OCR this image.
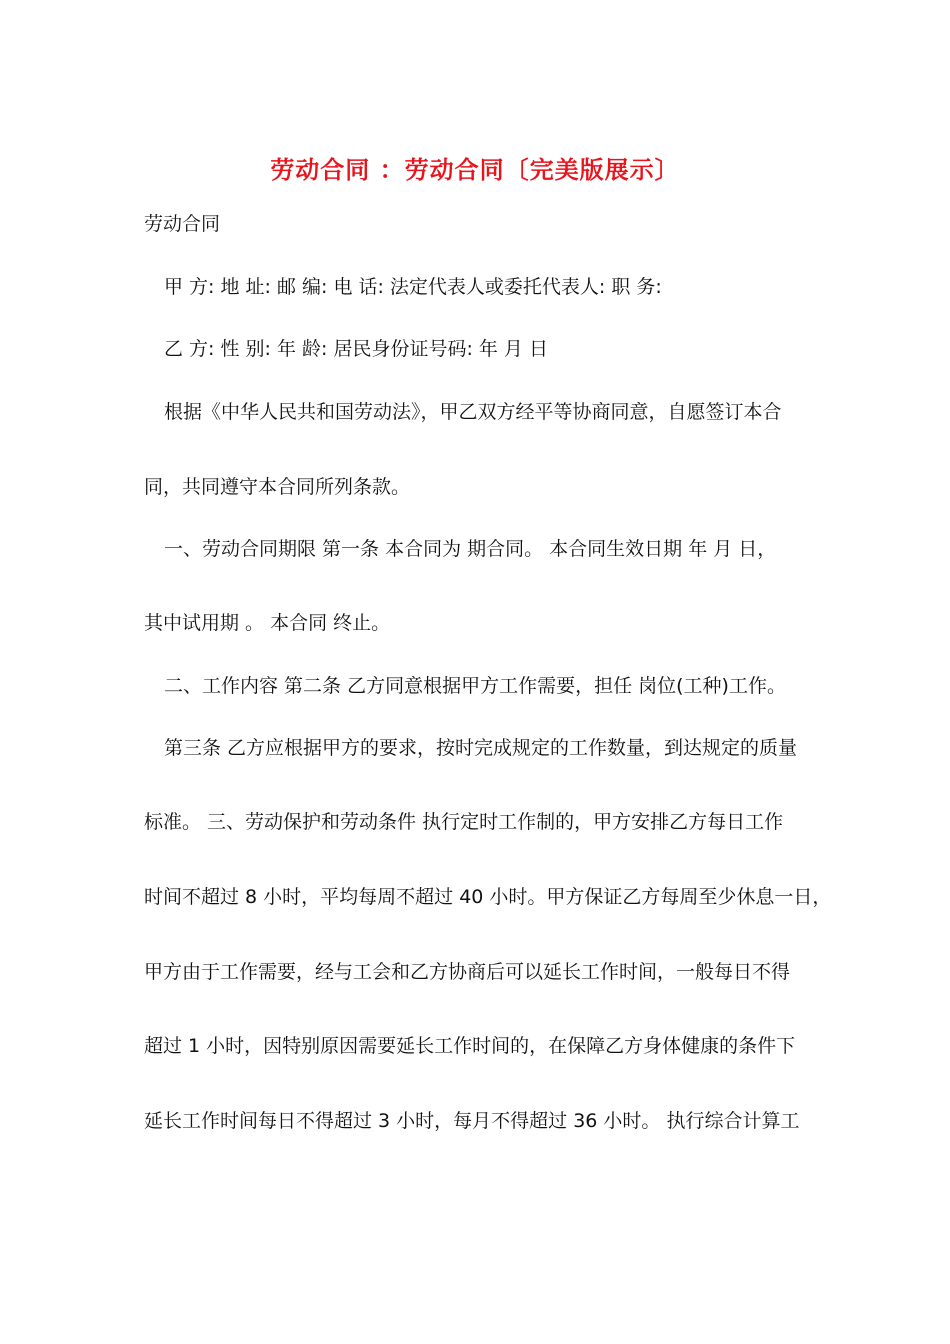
劳动合同 ：劳动合同〔完美版展示〕
劳动合同
甲 方: 地 址: 邮 编: 电 话: 法定代表人或委托代表人: 职 务:
乙 方: 性 别: 年 龄: 居民身份证号码: 年 月 日
根据《中华人民共和国劳动法》，甲乙双方经平等协商同意，自愿签订本合
同，共同遵守本合同所列条款。
一、劳动合同期限 第一条 本合同为 期合同。 本合同生效日期 年 月 日，
其中试用期 。 本合同 终止。
二、工作内容 第二条 乙方同意根据甲方工作需要，担任 岗位(工种)工作。
第三条 乙方应根据甲方的要求，按时完成规定的工作数量，到达规定的质量
标准。 三、劳动保护和劳动条件 执行定时工作制的，甲方安排乙方每日工作
时间不超过 8 小时，平均每周不超过 40 小时。甲方保证乙方每周至少休息一日，
甲方由于工作需要，经与工会和乙方协商后可以延长工作时间，一般每日不得
超过 1 小时，因特别原因需要延长工作时间的，在保障乙方身体健康的条件下
延长工作时间每日不得超过 3 小时，每月不得超过 36 小时。 执行综合计算工
